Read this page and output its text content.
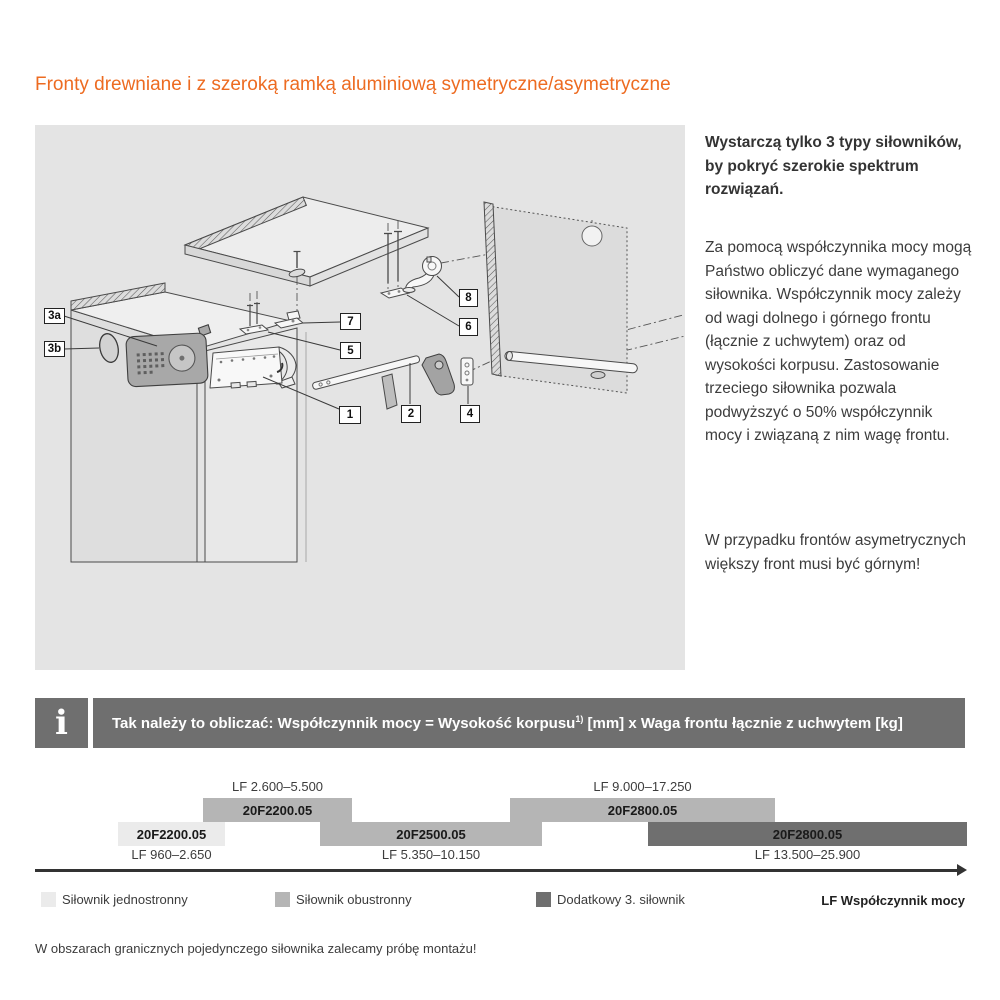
Fronty drewniane i z szeroką ramką aluminiową symetryczne/asymetryczne
3a
3b
7
5
1	2	4
6
8
Wystarczą tylko 3 typy siłowników, by pokryć szerokie spektrum rozwiązań.
Za pomocą współczynnika mocy mogą Państwo obliczyć dane wymaganego siłownika. Współczynnik mocy zależy od wagi dolnego i górnego frontu (łącznie z uchwytem) oraz od wysokości korpusu. Zastosowanie trzeciego siłownika pozwala podwyższyć o 50% współczynnik mocy i związaną z nim wagę frontu.
W przypadku frontów asymetrycznych większy front musi być górnym!
i	Tak należy to obliczać: Współczynnik mocy = Wysokość korpusu$^{1)}$ [mm] x Waga frontu łącznie z uchwytem [kg]
20F2200.05
LF 960–2.650
20F2200.05
LF 2.600–5.500
20F2500.05
LF 5.350–10.150
20F2800.05
LF 9.000–17.250
20F2800.05
LF 13.500–25.900
LF Współczynnik mocy
Siłownik jednostronny	Siłownik obustronny	Dodatkowy 3. siłownik
W obszarach granicznych pojedynczego siłownika zalecamy próbę montażu!
